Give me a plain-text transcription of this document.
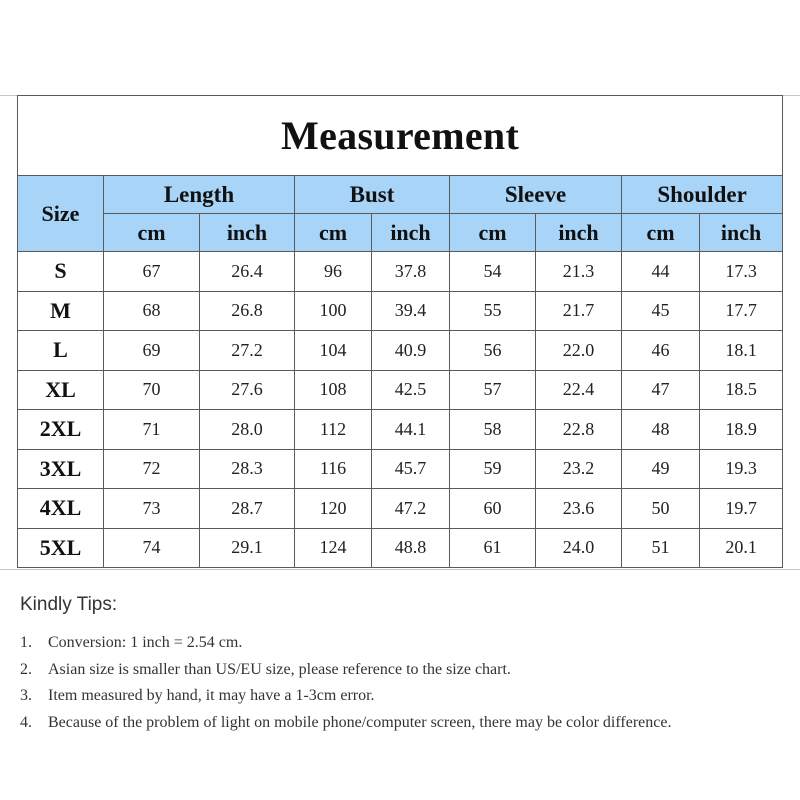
Measurement								
Size	Length		Bust		Sleeve		Shoulder	
	cm	inch	cm	inch	cm	inch	cm	inch
S	67	26.4	96	37.8	54	21.3	44	17.3
M	68	26.8	100	39.4	55	21.7	45	17.7
L	69	27.2	104	40.9	56	22.0	46	18.1
XL	70	27.6	108	42.5	57	22.4	47	18.5
2XL	71	28.0	112	44.1	58	22.8	48	18.9
3XL	72	28.3	116	45.7	59	23.2	49	19.3
4XL	73	28.7	120	47.2	60	23.6	50	19.7
5XL	74	29.1	124	48.8	61	24.0	51	20.1
Kindly Tips:
1.	Conversion: 1 inch = 2.54 cm.
2.	Asian size is smaller than US/EU size, please reference to the size chart.
3.	Item measured by hand, it may have a 1-3cm error.
4.	Because of the problem of light on mobile phone/computer screen, there may be color difference.
